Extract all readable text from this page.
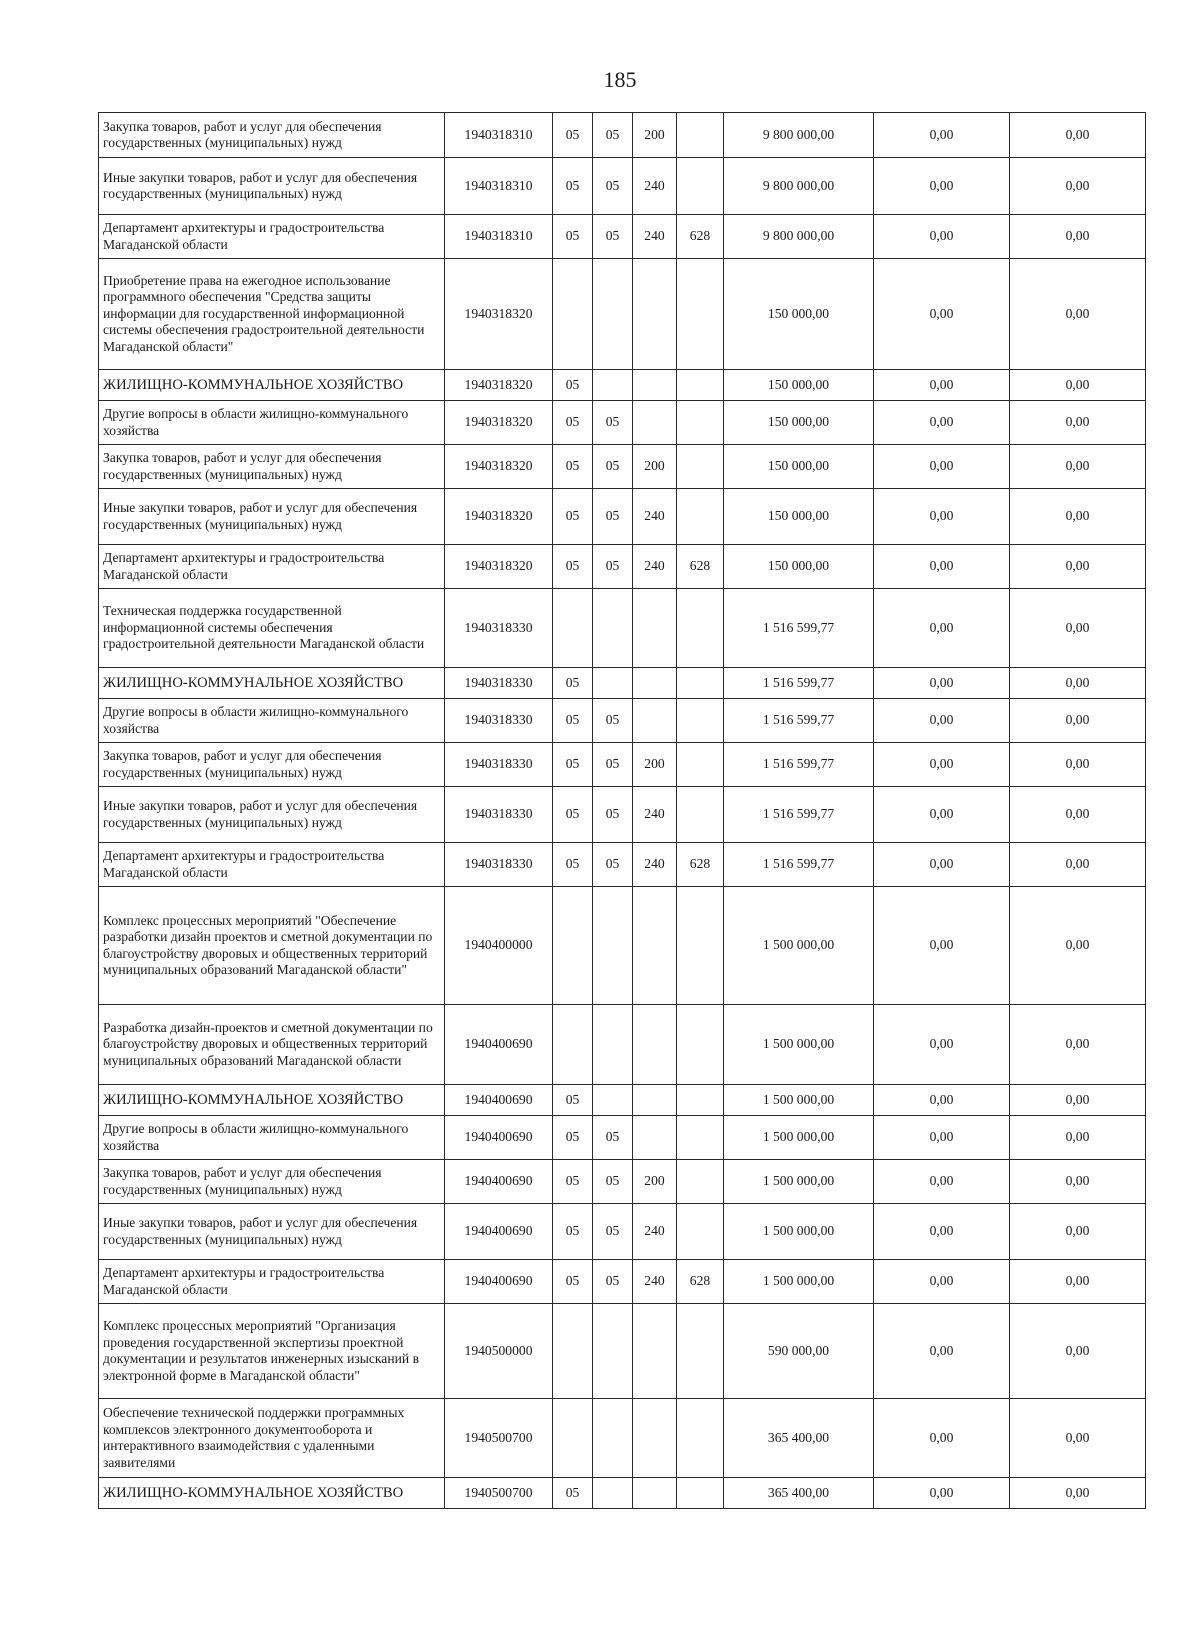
185
Закупка товаров, работ и услуг для обеспечения государственных (муниципальных) нужд	1940318310	05	05	200		9 800 000,00	0,00	0,00
Иные закупки товаров, работ и услуг для обеспечения государственных (муниципальных) нужд	1940318310	05	05	240		9 800 000,00	0,00	0,00
Департамент архитектуры и градостроительства Магаданской области	1940318310	05	05	240	628	9 800 000,00	0,00	0,00
Приобретение права на ежегодное использование программного обеспечения "Средства защиты информации для государственной информационной системы обеспечения градостроительной деятельности Магаданской области"	1940318320					150 000,00	0,00	0,00
ЖИЛИЩНО-КОММУНАЛЬНОЕ ХОЗЯЙСТВО	1940318320	05				150 000,00	0,00	0,00
Другие вопросы в области жилищно-коммунального хозяйства	1940318320	05	05			150 000,00	0,00	0,00
Закупка товаров, работ и услуг для обеспечения государственных (муниципальных) нужд	1940318320	05	05	200		150 000,00	0,00	0,00
Иные закупки товаров, работ и услуг для обеспечения государственных (муниципальных) нужд	1940318320	05	05	240		150 000,00	0,00	0,00
Департамент архитектуры и градостроительства Магаданской области	1940318320	05	05	240	628	150 000,00	0,00	0,00
Техническая поддержка государственной информационной системы обеспечения градостроительной деятельности Магаданской области	1940318330					1 516 599,77	0,00	0,00
ЖИЛИЩНО-КОММУНАЛЬНОЕ ХОЗЯЙСТВО	1940318330	05				1 516 599,77	0,00	0,00
Другие вопросы в области жилищно-коммунального хозяйства	1940318330	05	05			1 516 599,77	0,00	0,00
Закупка товаров, работ и услуг для обеспечения государственных (муниципальных) нужд	1940318330	05	05	200		1 516 599,77	0,00	0,00
Иные закупки товаров, работ и услуг для обеспечения государственных (муниципальных) нужд	1940318330	05	05	240		1 516 599,77	0,00	0,00
Департамент архитектуры и градостроительства Магаданской области	1940318330	05	05	240	628	1 516 599,77	0,00	0,00
Комплекс процессных мероприятий "Обеспечение разработки дизайн проектов и сметной документации по благоустройству дворовых и общественных территорий муниципальных образований Магаданской области"	1940400000					1 500 000,00	0,00	0,00
Разработка дизайн-проектов и сметной документации по благоустройству дворовых и общественных территорий муниципальных образований Магаданской области	1940400690					1 500 000,00	0,00	0,00
ЖИЛИЩНО-КОММУНАЛЬНОЕ ХОЗЯЙСТВО	1940400690	05				1 500 000,00	0,00	0,00
Другие вопросы в области жилищно-коммунального хозяйства	1940400690	05	05			1 500 000,00	0,00	0,00
Закупка товаров, работ и услуг для обеспечения государственных (муниципальных) нужд	1940400690	05	05	200		1 500 000,00	0,00	0,00
Иные закупки товаров, работ и услуг для обеспечения государственных (муниципальных) нужд	1940400690	05	05	240		1 500 000,00	0,00	0,00
Департамент архитектуры и градостроительства Магаданской области	1940400690	05	05	240	628	1 500 000,00	0,00	0,00
Комплекс процессных мероприятий "Организация проведения государственной экспертизы проектной документации и результатов инженерных изысканий в электронной форме в Магаданской области"	1940500000					590 000,00	0,00	0,00
Обеспечение технической поддержки программных комплексов электронного документооборота и интерактивного взаимодействия с удаленными заявителями	1940500700					365 400,00	0,00	0,00
ЖИЛИЩНО-КОММУНАЛЬНОЕ ХОЗЯЙСТВО	1940500700	05				365 400,00	0,00	0,00
